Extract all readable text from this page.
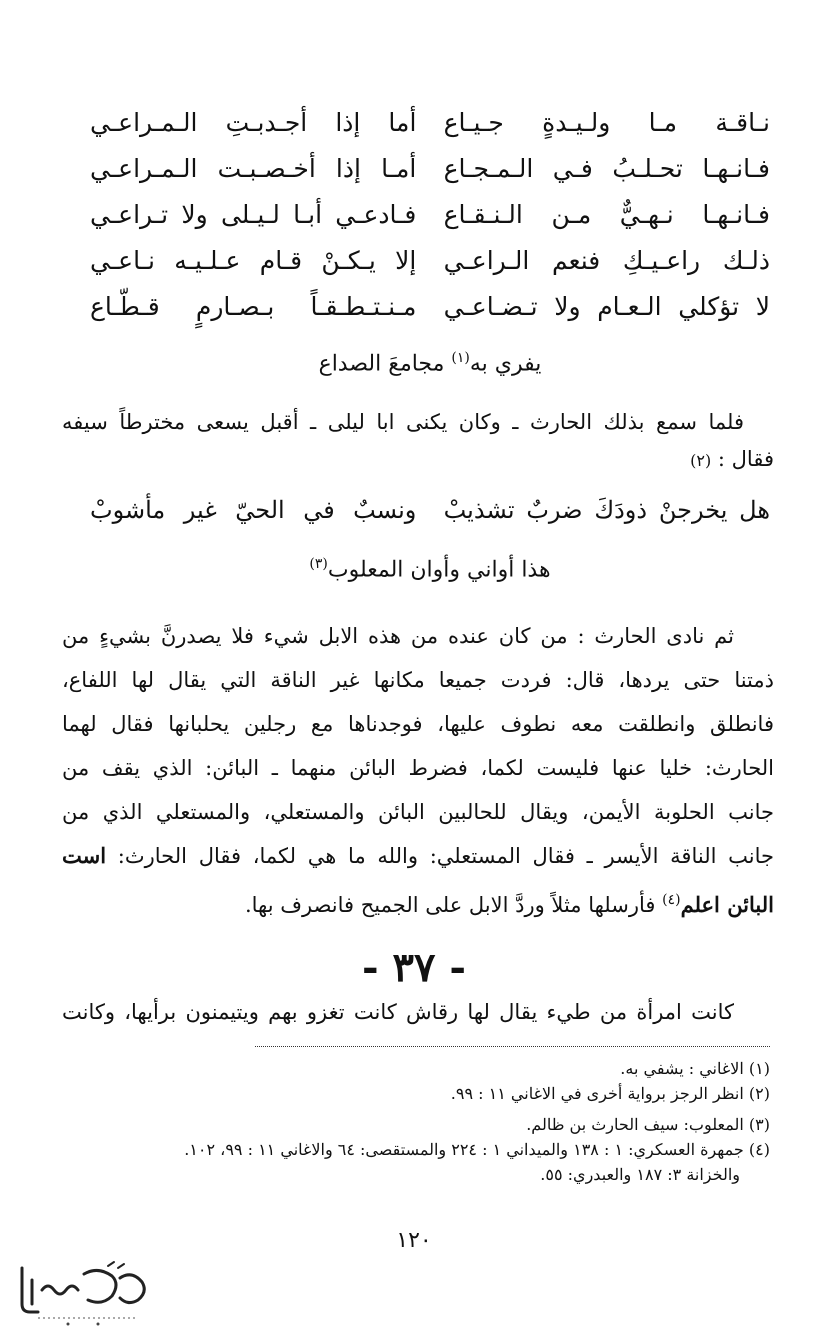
نـاقـة مـا ولـيـدةٍ جـيـاع
أما إذا أجـدبـتِ الـمـراعـي
فـانـهـا تحـلـبُ فـي الـمـجـاع
أمـا إذا أخـصـبـت الـمـراعـي
فـانـهـا نـهـيٌّ مـن الـنـقـاع
فـادعـي أبـا لـيـلى ولا تـراعـي
ذلـك راعـيـكِ فنعم الـراعـي
إلا يـكـنْ قـام عـلـيـه نـاعـي
لا تؤكلي الـعـام ولا تـضـاعـي
مـنـتـطـقـاً بـصـارمٍ قـطّـاع
يفري به$^{(١)}$ مجامعَ الصداع
فلما سمع بذلك الحارث ـ وكان يكنى ابا ليلى ـ أقبل يسعى مخترطاً سيفه
فقال : (٢)
هل يخرجنْ ذودَكَ ضربٌ تشذيبْ
ونسبٌ في الحيّ غير مأشوبْ
هذا أواني وأوان المعلوب$^{(٣)}$
ثم نادى الحارث : من كان عنده من هذه الابل شيء فلا يصدرنَّ بشيءٍ من
ذمتنا حتى يردها، قال: فردت جميعا مكانها غير الناقة التي يقال لها اللفاع،
فانطلق وانطلقت معه نطوف عليها، فوجدناها مع رجلين يحلبانها فقال لهما
الحارث: خليا عنها فليست لكما، فضرط البائن منهما ـ البائن: الذي يقف من
جانب الحلوبة الأيمن، ويقال للحالبين البائن والمستعلي، والمستعلي الذي من
جانب الناقة الأيسر ـ فقال المستعلي: والله ما هي لكما، فقال الحارث: است
البائن اعلم$^{(٤)}$ فأرسلها مثلاً وردَّ الابل على الجميح فانصرف بها.
- ٣٧ -
كانت امرأة من طيء يقال لها رقاش كانت تغزو بهم ويتيمنون برأيها، وكانت
(١) الاغاني : يشفي به.
(٢) انظر الرجز برواية أخرى في الاغاني ١١ : ٩٩.
(٣) المعلوب: سيف الحارث بن ظالم.
(٤) جمهرة العسكري: ١ : ١٣٨ والميداني ١ : ٢٢٤ والمستقصى: ٦٤ والاغاني ١١ : ٩٩، ١٠٢.
والخزانة ٣: ١٨٧ والعبدري: ٥٥.
١٢٠
